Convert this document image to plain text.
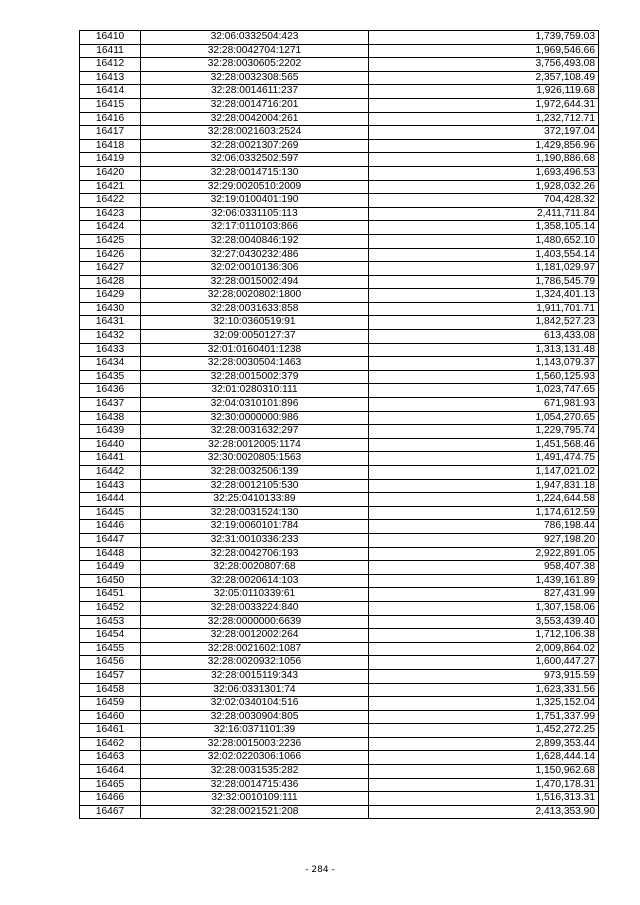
16410	32:06:0332504:423	1,739,759.03
16411	32:28:0042704:1271	1,969,546.66
16412	32:28:0030605:2202	3,756,493.08
16413	32:28:0032308:565	2,357,108.49
16414	32:28:0014611:237	1,926,119.68
16415	32:28:0014716:201	1,972,644.31
16416	32:28:0042004:261	1,232,712.71
16417	32:28:0021603:2524	372,197.04
16418	32:28:0021307:269	1,429,856.96
16419	32:06:0332502:597	1,190,886.68
16420	32:28:0014715:130	1,693,496.53
16421	32:29:0020510:2009	1,928,032.26
16422	32:19:0100401:190	704,428.32
16423	32:06:0331105:113	2,411,711.84
16424	32:17:0110103:866	1,358,105.14
16425	32:28:0040846:192	1,480,652.10
16426	32:27:0430232:486	1,403,554.14
16427	32:02:0010136:306	1,181,029.97
16428	32:28:0015002:494	1,786,545.79
16429	32:28:0020802:1800	1,324,401.13
16430	32:28:0031633:858	1,911,701.71
16431	32:10:0360519:91	1,842,527.23
16432	32:09:0050127:37	613,433.08
16433	32:01:0160401:1238	1,313,131.48
16434	32:28:0030504:1463	1,143,079.37
16435	32:28:0015002:379	1,560,125.93
16436	32:01:0280310:111	1,023,747.65
16437	32:04:0310101:896	671,981.93
16438	32:30:0000000:986	1,054,270.65
16439	32:28:0031632:297	1,229,795.74
16440	32:28:0012005:1174	1,451,568.46
16441	32:30:0020805:1563	1,491,474.75
16442	32:28:0032506:139	1,147,021.02
16443	32:28:0012105:530	1,947,831.18
16444	32:25:0410133:89	1,224,644.58
16445	32:28:0031524:130	1,174,612.59
16446	32:19:0060101:784	786,198.44
16447	32:31:0010336:233	927,198.20
16448	32:28:0042706:193	2,922,891.05
16449	32:28:0020807:68	958,407.38
16450	32:28:0020614:103	1,439,161.89
16451	32:05:0110339:61	827,431.99
16452	32:28:0033224:840	1,307,158.06
16453	32:28:0000000:6639	3,553,439.40
16454	32:28:0012002:264	1,712,106.38
16455	32:28:0021602:1087	2,009,864.02
16456	32:28:0020932:1056	1,600,447.27
16457	32:28:0015119:343	973,915.59
16458	32:06:0331301:74	1,623,331.56
16459	32:02:0340104:516	1,325,152.04
16460	32:28:0030904:805	1,751,337.99
16461	32:16:0371101:39	1,452,272.25
16462	32:28:0015003:2236	2,899,353.44
16463	32:02:0220306:1066	1,628,444.14
16464	32:28:0031535:282	1,150,962.68
16465	32:28:0014715:436	1,470,178.31
16466	32:32:0010109:111	1,516,313.31
16467	32:28:0021521:208	2,413,353.90
- 284 -
